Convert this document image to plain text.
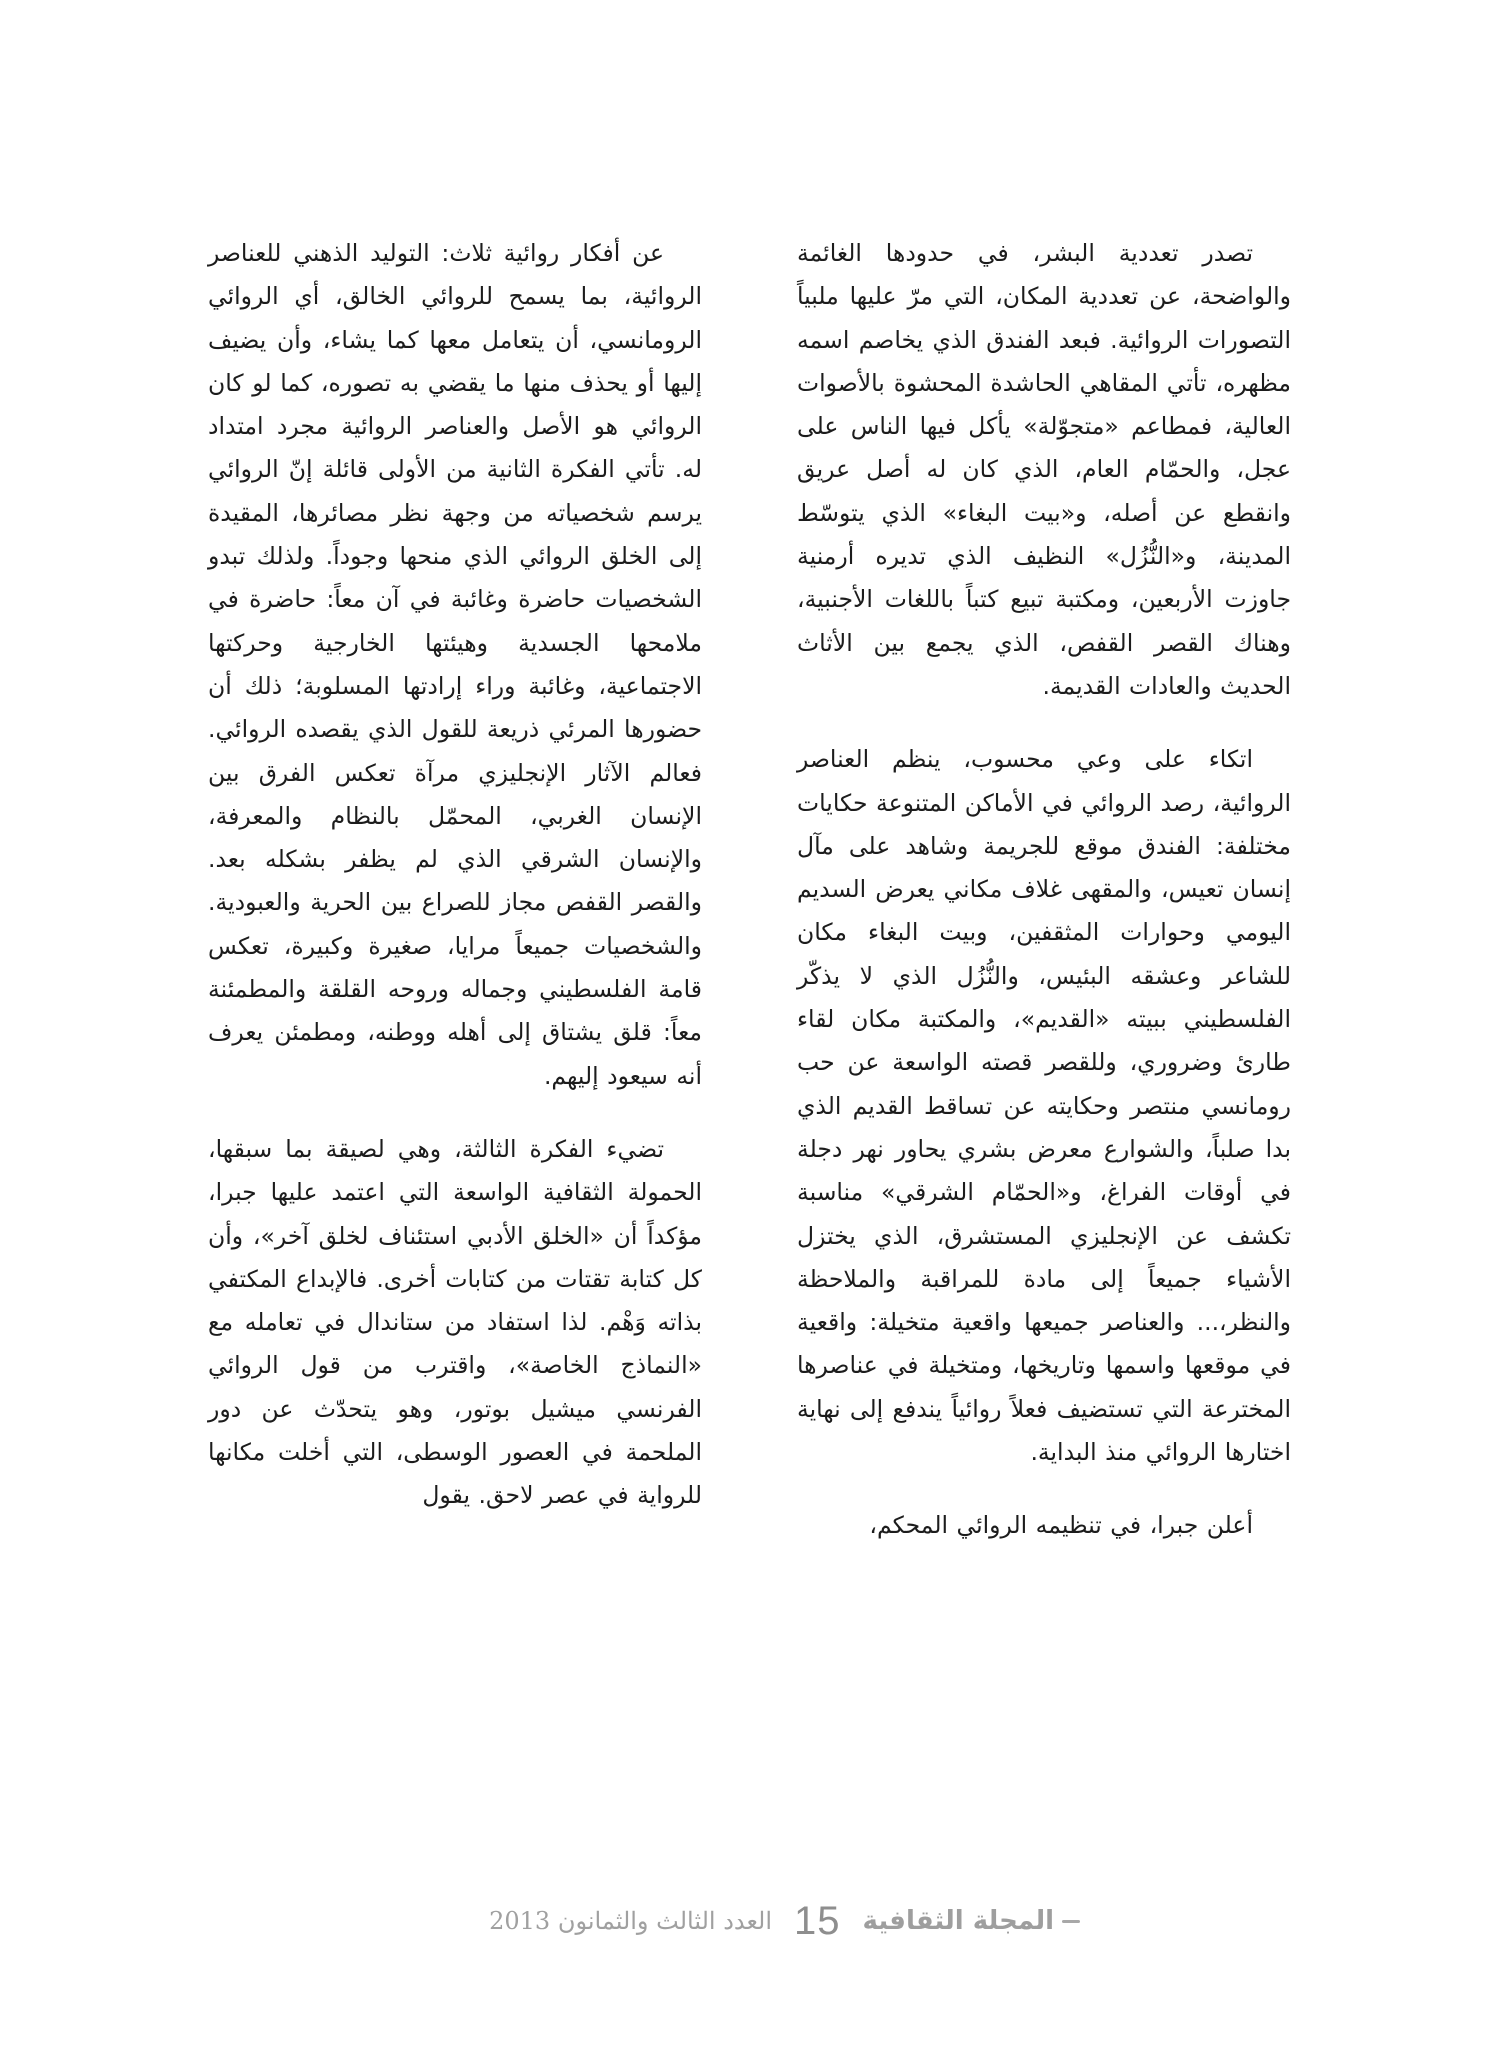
تصدر تعددية البشر، في حدودها الغائمة والواضحة، عن تعددية المكان، التي مرّ عليها ملبياً التصورات الروائية. فبعد الفندق الذي يخاصم اسمه مظهره، تأتي المقاهي الحاشدة المحشوة بالأصوات العالية، فمطاعم «متجوّلة» يأكل فيها الناس على عجل، والحمّام العام، الذي كان له أصل عريق وانقطع عن أصله، و«بيت البغاء» الذي يتوسّط المدينة، و«النُّزُل» النظيف الذي تديره أرمنية جاوزت الأربعين، ومكتبة تبيع كتباً باللغات الأجنبية، وهناك القصر القفص، الذي يجمع بين الأثاث الحديث والعادات القديمة.

اتكاء على وعي محسوب، ينظم العناصر الروائية، رصد الروائي في الأماكن المتنوعة حكايات مختلفة: الفندق موقع للجريمة وشاهد على مآل إنسان تعيس، والمقهى غلاف مكاني يعرض السديم اليومي وحوارات المثقفين، وبيت البغاء مكان للشاعر وعشقه البئيس، والنُّزُل الذي لا يذكّر الفلسطيني ببيته «القديم»، والمكتبة مكان لقاء طارئ وضروري، وللقصر قصته الواسعة عن حب رومانسي منتصر وحكايته عن تساقط القديم الذي بدا صلباً، والشوارع معرض بشري يحاور نهر دجلة في أوقات الفراغ، و«الحمّام الشرقي» مناسبة تكشف عن الإنجليزي المستشرق، الذي يختزل الأشياء جميعاً إلى مادة للمراقبة والملاحظة والنظر،... والعناصر جميعها واقعية متخيلة: واقعية في موقعها واسمها وتاريخها، ومتخيلة في عناصرها المخترعة التي تستضيف فعلاً روائياً يندفع إلى نهاية اختارها الروائي منذ البداية.

أعلن جبرا، في تنظيمه الروائي المحكم،

عن أفكار روائية ثلاث: التوليد الذهني للعناصر الروائية، بما يسمح للروائي الخالق، أي الروائي الرومانسي، أن يتعامل معها كما يشاء، وأن يضيف إليها أو يحذف منها ما يقضي به تصوره، كما لو كان الروائي هو الأصل والعناصر الروائية مجرد امتداد له. تأتي الفكرة الثانية من الأولى قائلة إنّ الروائي يرسم شخصياته من وجهة نظر مصائرها، المقيدة إلى الخلق الروائي الذي منحها وجوداً. ولذلك تبدو الشخصيات حاضرة وغائبة في آن معاً: حاضرة في ملامحها الجسدية وهيئتها الخارجية وحركتها الاجتماعية، وغائبة وراء إرادتها المسلوبة؛ ذلك أن حضورها المرئي ذريعة للقول الذي يقصده الروائي. فعالم الآثار الإنجليزي مرآة تعكس الفرق بين الإنسان الغربي، المحمّل بالنظام والمعرفة، والإنسان الشرقي الذي لم يظفر بشكله بعد. والقصر القفص مجاز للصراع بين الحرية والعبودية. والشخصيات جميعاً مرايا، صغيرة وكبيرة، تعكس قامة الفلسطيني وجماله وروحه القلقة والمطمئنة معاً: قلق يشتاق إلى أهله ووطنه، ومطمئن يعرف أنه سيعود إليهم.

تضيء الفكرة الثالثة، وهي لصيقة بما سبقها، الحمولة الثقافية الواسعة التي اعتمد عليها جبرا، مؤكداً أن «الخلق الأدبي استئناف لخلق آخر»، وأن كل كتابة تقتات من كتابات أخرى. فالإبداع المكتفي بذاته وَهْم. لذا استفاد من ستاندال في تعامله مع «النماذج الخاصة»، واقترب من قول الروائي الفرنسي ميشيل بوتور، وهو يتحدّث عن دور الملحمة في العصور الوسطى، التي أخلت مكانها للرواية في عصر لاحق. يقول

المجلة الثقافية
15
العدد الثالث والثمانون 2013
